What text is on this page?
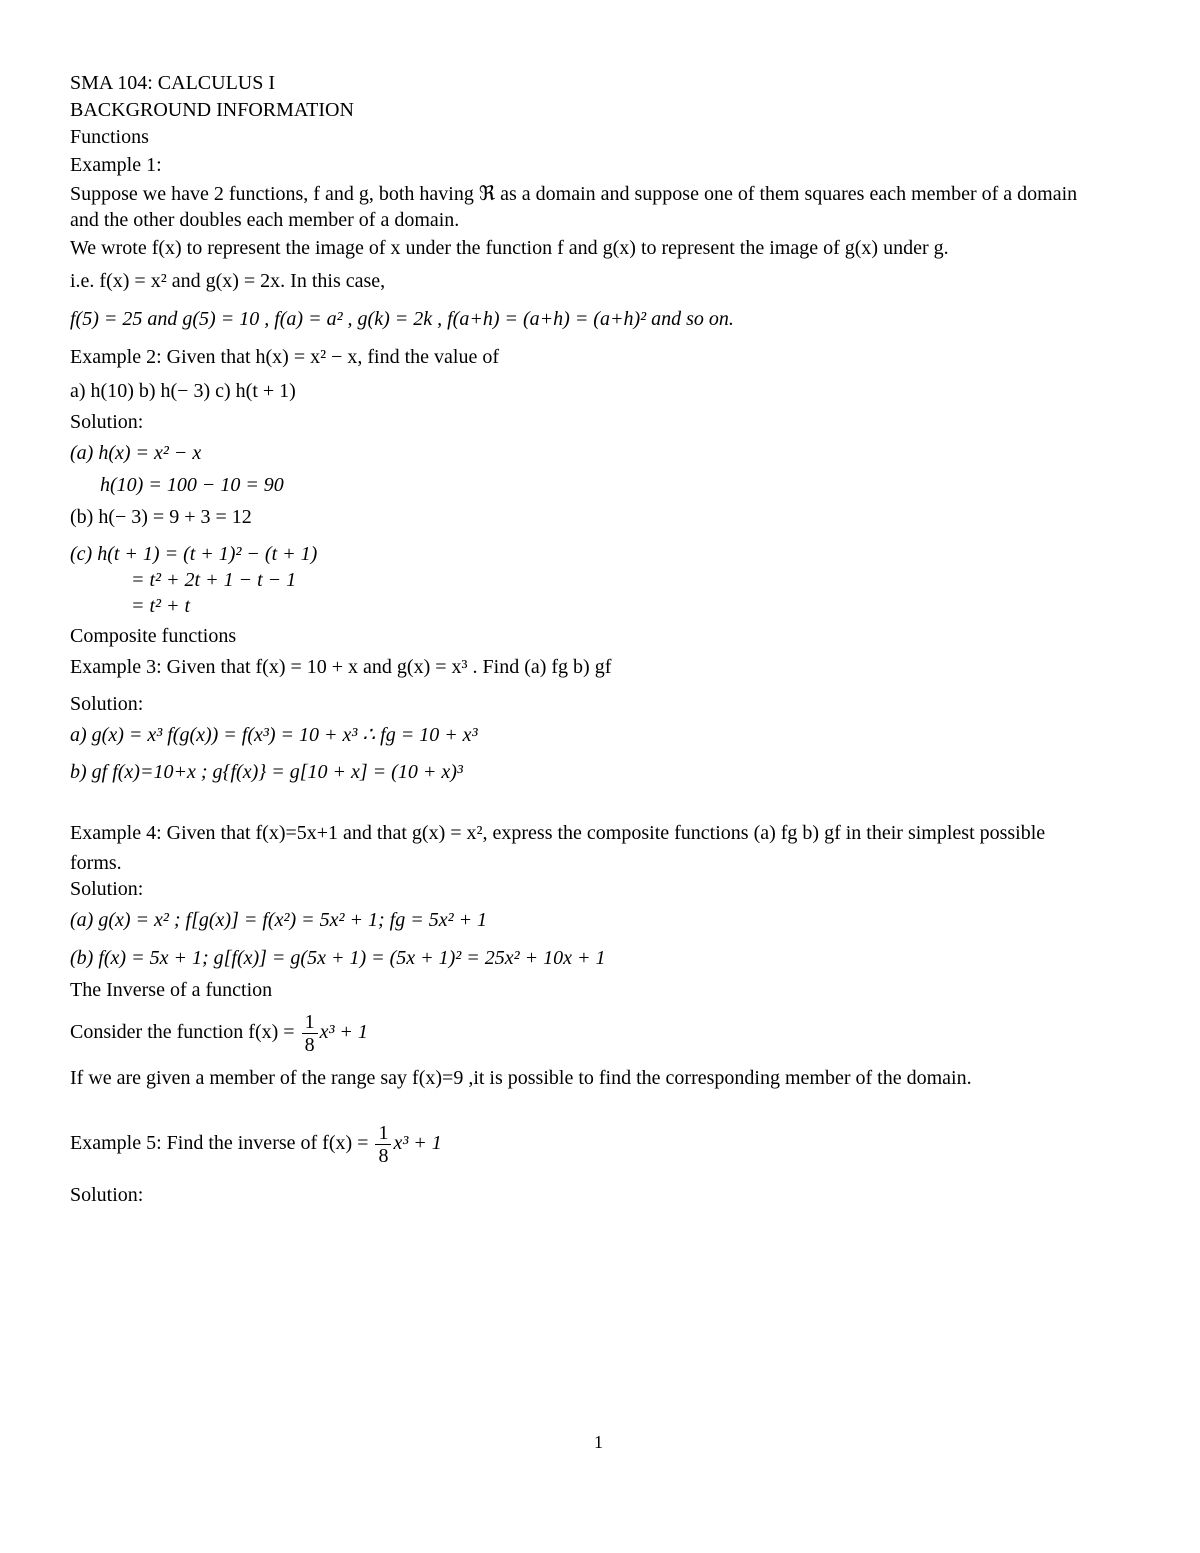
SMA 104: CALCULUS I
BACKGROUND INFORMATION
Functions
Example 1:
Suppose we have 2 functions, f and g, both having ℜ as a domain and suppose one of them squares each member of a domain and the other doubles each member of a domain.
We wrote f(x) to represent the image of x under the function f and g(x) to represent the image of g(x) under g.
i.e. f(x) = x² and g(x) = 2x. In this case,
f(5) = 25 and g(5) = 10 , f(a) = a² , g(k) = 2k , f(a+h) = (a+h) = (a+h)² and so on.
Example 2: Given that h(x) = x² − x, find the value of
a) h(10) b) h(− 3) c) h(t + 1)
Solution:
(a) h(x) = x² − x
h(10) = 100 − 10 = 90
(b) h(− 3) = 9 + 3 = 12
(c) h(t + 1) = (t + 1)² − (t + 1)
= t² + 2t + 1 − t − 1
= t² + t
Composite functions
Example 3: Given that f(x) = 10 + x and g(x) = x³ . Find (a) fg b) gf
Solution:
a) g(x) = x³ f(g(x)) = f(x³) = 10 + x³ ∴ fg = 10 + x³
b) gf f(x)=10+x ; g{f(x)} = g[10 + x] = (10 + x)³
Example 4: Given that f(x)=5x+1 and that g(x) = x², express the composite functions (a) fg b) gf in their simplest possible forms.
Solution:
(a) g(x) = x² ; f[g(x)] = f(x²) = 5x² + 1; fg = 5x² + 1
(b) f(x) = 5x + 1; g[f(x)] = g(5x + 1) = (5x + 1)² = 25x² + 10x + 1
The Inverse of a function
Consider the function $f(x) = \frac{1}{8} x^3 + 1$
If we are given a member of the range say f(x)=9 ,it is possible to find the corresponding member of the domain.
Example 5: Find the inverse of $f(x) = \frac{1}{8} x^3 + 1$
Solution:
1
